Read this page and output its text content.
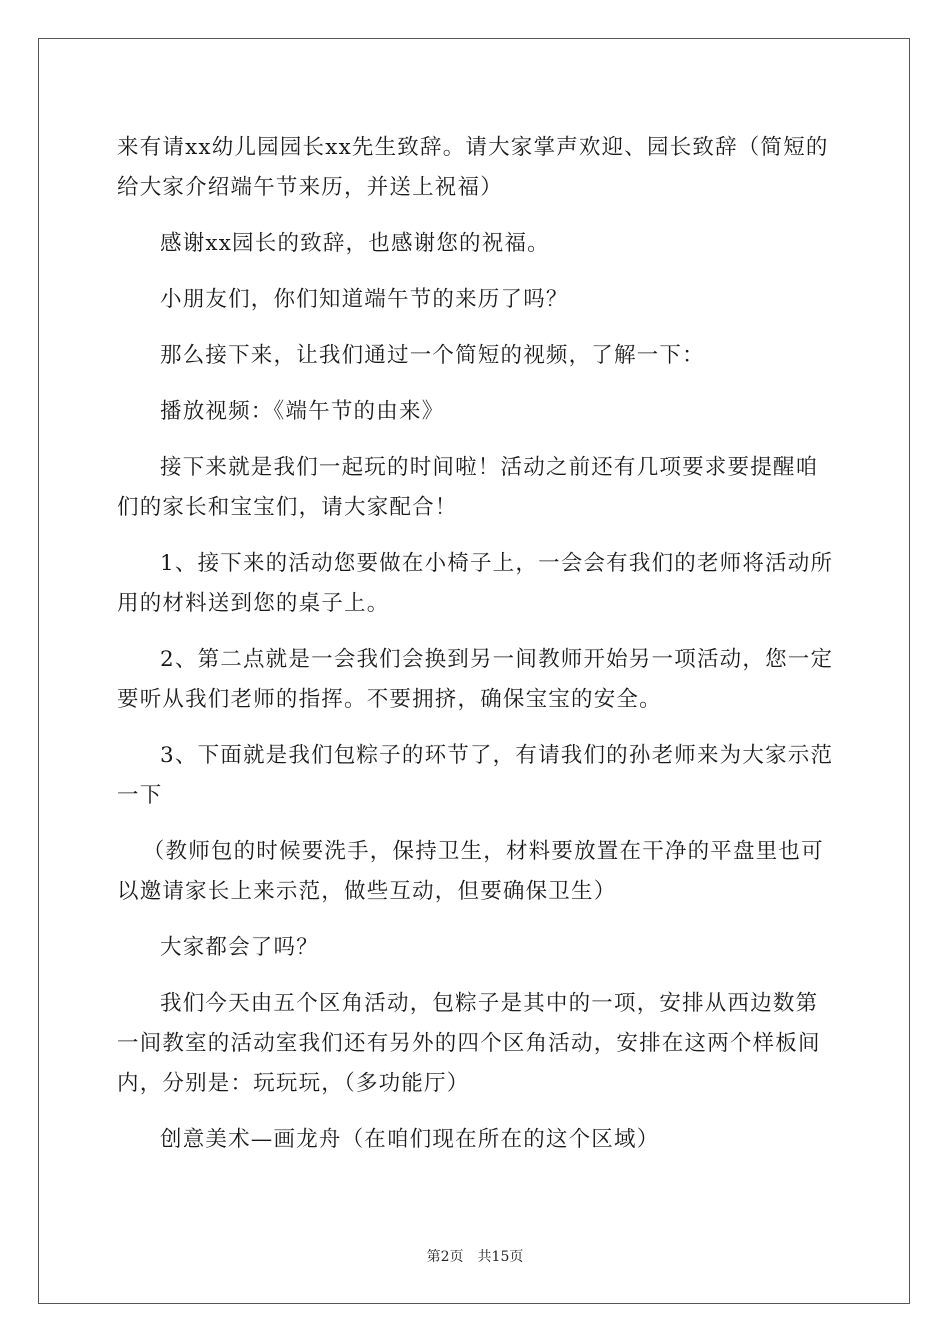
来有请xx幼儿园园长xx先生致辞。请大家掌声欢迎、园长致辞（简短的给大家介绍端午节来历，并送上祝福）

感谢xx园长的致辞，也感谢您的祝福。

小朋友们，你们知道端午节的来历了吗？

那么接下来，让我们通过一个简短的视频，了解一下：

播放视频：《端午节的由来》

接下来就是我们一起玩的时间啦！活动之前还有几项要求要提醒咱们的家长和宝宝们，请大家配合！

1、接下来的活动您要做在小椅子上，一会会有我们的老师将活动所用的材料送到您的桌子上。

2、第二点就是一会我们会换到另一间教师开始另一项活动，您一定要听从我们老师的指挥。不要拥挤，确保宝宝的安全。

3、下面就是我们包粽子的环节了，有请我们的孙老师来为大家示范一下

（教师包的时候要洗手，保持卫生，材料要放置在干净的平盘里也可以邀请家长上来示范，做些互动，但要确保卫生）

大家都会了吗？

我们今天由五个区角活动，包粽子是其中的一项，安排从西边数第一间教室的活动室我们还有另外的四个区角活动，安排在这两个样板间内，分别是：玩玩玩，（多功能厅）

创意美术—画龙舟（在咱们现在所在的这个区域）

第2页 共15页
